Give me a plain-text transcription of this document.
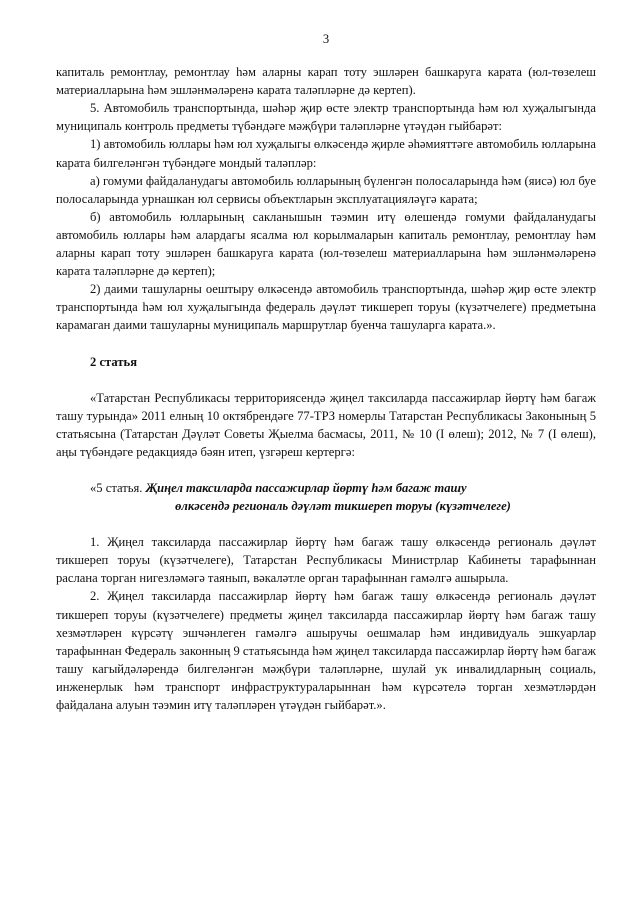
3

капиталь ремонтлау, ремонтлау һәм аларны карап тоту эшләрен башкаруга карата (юл-төзелеш материалларына һәм эшләнмәләренә карата таләпләрне дә кертеп).

5. Автомобиль транспортында, шәһәр җир өсте электр транспортында һәм юл хуҗалыгында муниципаль контроль предметы түбәндәге мәҗбүри таләпләрне үтәүдән гыйбарәт:

1) автомобиль юллары һәм юл хуҗалыгы өлкәсендә җирле әһәмияттәге автомобиль юлларына карата билгеләнгән түбәндәге мондый таләпләр:

а) гомуми файдаланудагы автомобиль юлларының бүленгән полосаларында һәм (яисә) юл буе полосаларында урнашкан юл сервисы объектларын эксплуатацияләүгә карата;

б) автомобиль юлларының сакланышын тәэмин итү өлешендә гомуми файдаланудагы автомобиль юллары һәм алардагы ясалма юл корылмаларын капиталь ремонтлау, ремонтлау һәм аларны карап тоту эшләрен башкаруга карата (юл-төзелеш материалларына һәм эшләнмәләренә карата таләпләрне дә кертеп);

2) даими ташуларны оештыру өлкәсендә автомобиль транспортында, шәһәр җир өсте электр транспортында һәм юл хуҗалыгында федераль дәүләт тикшереп торуы (күзәтчелеге) предметына карамаган даими ташуларны муниципаль маршрутлар буенча ташуларга карата.».

2 статья

«Татарстан Республикасы территориясендә җиңел таксиларда пассажирлар йөртү һәм багаж ташу турында» 2011 елның 10 октябрендәге 77-ТРЗ номерлы Татарстан Республикасы Законының 5 статьясына (Татарстан Дәүләт Советы Җыелма басмасы, 2011, № 10 (I өлеш); 2012, № 7 (I өлеш), аңы түбәндәге редакциядә бәян итеп, үзгәреш кертергә:

«5 статья. Җиңел таксиларда пассажирлар йөртү һәм багаж ташу

өлкәсендә региональ дәүләт тикшереп торуы (күзәтчелеге)

1. Җиңел таксиларда пассажирлар йөртү һәм багаж ташу өлкәсендә региональ дәүләт тикшереп торуы (күзәтчелеге), Татарстан Республикасы Министрлар Кабинеты тарафыннан раслана торган нигезләмәгә таянып, вәкаләтле орган тарафыннан гамәлгә ашырыла.

2. Җиңел таксиларда пассажирлар йөртү һәм багаж ташу өлкәсендә региональ дәүләт тикшереп торуы (күзәтчелеге) предметы җиңел таксиларда пассажирлар йөртү һәм багаж ташу хезмәтләрен күрсәтү эшчәнлеген гамәлгә ашыручы оешмалар һәм индивидуаль эшкуарлар тарафыннан Федераль законның 9 статьясында һәм җиңел таксиларда пассажирлар йөртү һәм багаж ташу кагыйдәләрендә билгеләнгән мәҗбүри таләпләрне, шулай ук инвалидларның социаль, инженерлык һәм транспорт инфраструктураларыннан һәм күрсәтелә торган хезмәтләрдән файдалана алуын тәэмин итү таләпләрен үтәүдән гыйбарәт.».
